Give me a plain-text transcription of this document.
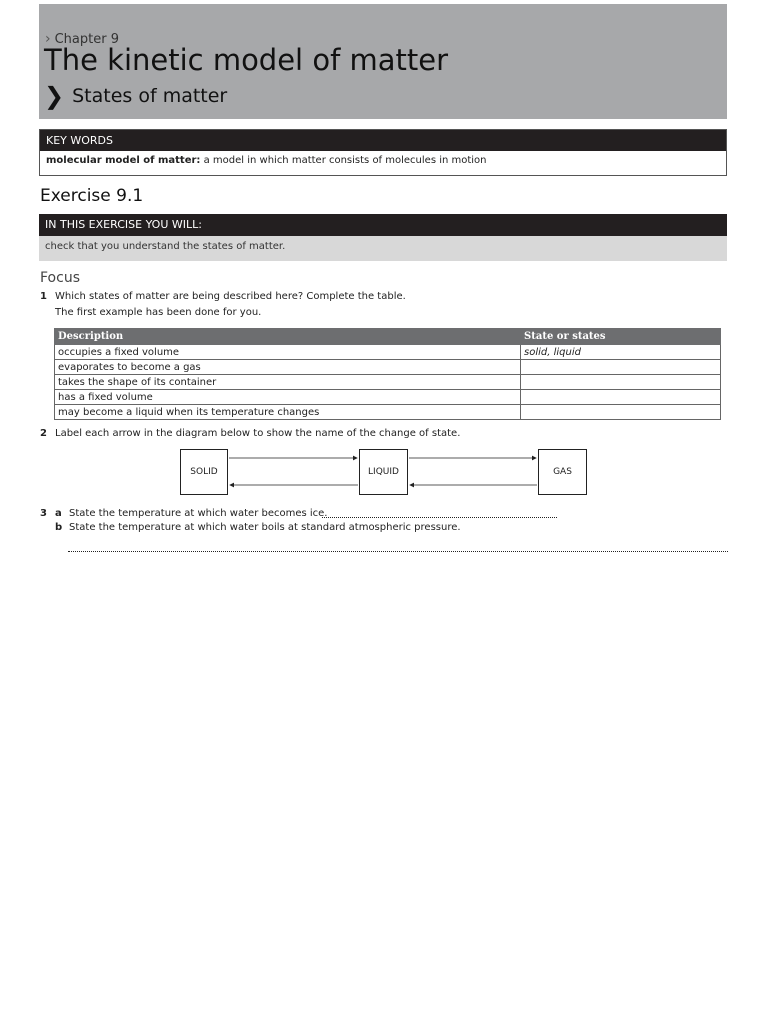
› Chapter 9
The kinetic model of matter
❯ States of matter
KEY WORDS
molecular model of matter: a model in which matter consists of molecules in motion
Exercise 9.1
IN THIS EXERCISE YOU WILL:
check that you understand the states of matter.
Focus
1 Which states of matter are being described here? Complete the table.
The first example has been done for you.
Description	State or states
occupies a fixed volume	solid, liquid
evaporates to become a gas	
takes the shape of its container	
has a fixed volume	
may become a liquid when its temperature changes	
2 Label each arrow in the diagram below to show the name of the change of state.
SOLID	LIQUID	GAS
3 a State the temperature at which water becomes ice.
b State the temperature at which water boils at standard atmospheric pressure.
